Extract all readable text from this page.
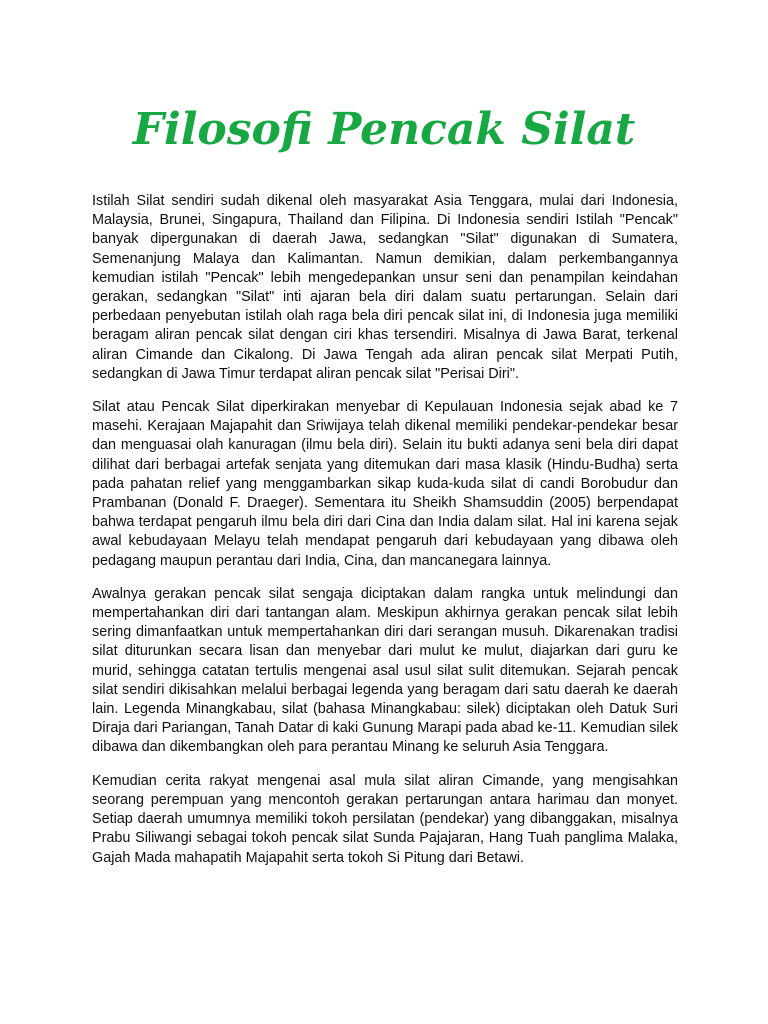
Filosofi Pencak Silat

Istilah Silat sendiri sudah dikenal oleh masyarakat Asia Tenggara, mulai dari Indonesia, Malaysia, Brunei, Singapura, Thailand dan Filipina. Di Indonesia sendiri Istilah "Pencak" banyak dipergunakan di daerah Jawa, sedangkan "Silat" digunakan di Sumatera, Semenanjung Malaya dan Kalimantan. Namun demikian, dalam perkembangannya kemudian istilah "Pencak" lebih mengedepankan unsur seni dan penampilan keindahan gerakan, sedangkan "Silat" inti ajaran bela diri dalam suatu pertarungan. Selain dari perbedaan penyebutan istilah olah raga bela diri pencak silat ini, di Indonesia juga memiliki beragam aliran pencak silat dengan ciri khas tersendiri. Misalnya di Jawa Barat, terkenal aliran Cimande dan Cikalong. Di Jawa Tengah ada aliran pencak silat Merpati Putih, sedangkan di Jawa Timur terdapat aliran pencak silat "Perisai Diri".

Silat atau Pencak Silat diperkirakan menyebar di Kepulauan Indonesia sejak abad ke 7 masehi. Kerajaan Majapahit dan Sriwijaya telah dikenal memiliki pendekar-pendekar besar dan menguasai olah kanuragan (ilmu bela diri). Selain itu bukti adanya seni bela diri dapat dilihat dari berbagai artefak senjata yang ditemukan dari masa klasik (Hindu-Budha) serta pada pahatan relief yang menggambarkan sikap kuda-kuda silat di candi Borobudur dan Prambanan (Donald F. Draeger). Sementara itu Sheikh Shamsuddin (2005) berpendapat bahwa terdapat pengaruh ilmu bela diri dari Cina dan India dalam silat. Hal ini karena sejak awal kebudayaan Melayu telah mendapat pengaruh dari kebudayaan yang dibawa oleh pedagang maupun perantau dari India, Cina, dan mancanegara lainnya.

Awalnya gerakan pencak silat sengaja diciptakan dalam rangka untuk melindungi dan mempertahankan diri dari tantangan alam. Meskipun akhirnya gerakan pencak silat lebih sering dimanfaatkan untuk mempertahankan diri dari serangan musuh. Dikarenakan tradisi silat diturunkan secara lisan dan menyebar dari mulut ke mulut, diajarkan dari guru ke murid, sehingga catatan tertulis mengenai asal usul silat sulit ditemukan. Sejarah pencak silat sendiri dikisahkan melalui berbagai legenda yang beragam dari satu daerah ke daerah lain. Legenda Minangkabau, silat (bahasa Minangkabau: silek) diciptakan oleh Datuk Suri Diraja dari Pariangan, Tanah Datar di kaki Gunung Marapi pada abad ke-11. Kemudian silek dibawa dan dikembangkan oleh para perantau Minang ke seluruh Asia Tenggara.

Kemudian cerita rakyat mengenai asal mula silat aliran Cimande, yang mengisahkan seorang perempuan yang mencontoh gerakan pertarungan antara harimau dan monyet. Setiap daerah umumnya memiliki tokoh persilatan (pendekar) yang dibanggakan, misalnya Prabu Siliwangi sebagai tokoh pencak silat Sunda Pajajaran, Hang Tuah panglima Malaka, Gajah Mada mahapatih Majapahit serta tokoh Si Pitung dari Betawi.
